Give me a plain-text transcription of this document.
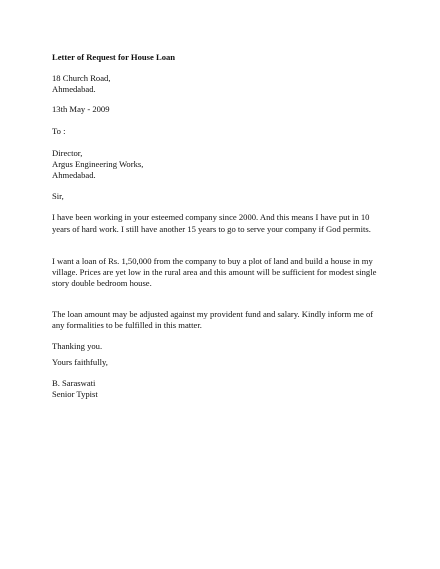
Letter of Request for House Loan
18 Church Road,
Ahmedabad.
13th May - 2009
To :
Director,
Argus Engineering Works,
Ahmedabad.
Sir,
I have been working in your esteemed company since 2000. And this means I have put in 10
years of hard work. I still have another 15 years to go to serve your company if God permits.
I want a loan of Rs. 1,50,000 from the company to buy a plot of land and build a house in my
village. Prices are yet low in the rural area and this amount will be sufficient for modest single
story double bedroom house.
The loan amount may be adjusted against my provident fund and salary. Kindly inform me of
any formalities to be fulfilled in this matter.
Thanking you.
Yours faithfully,
B. Saraswati
Senior Typist
